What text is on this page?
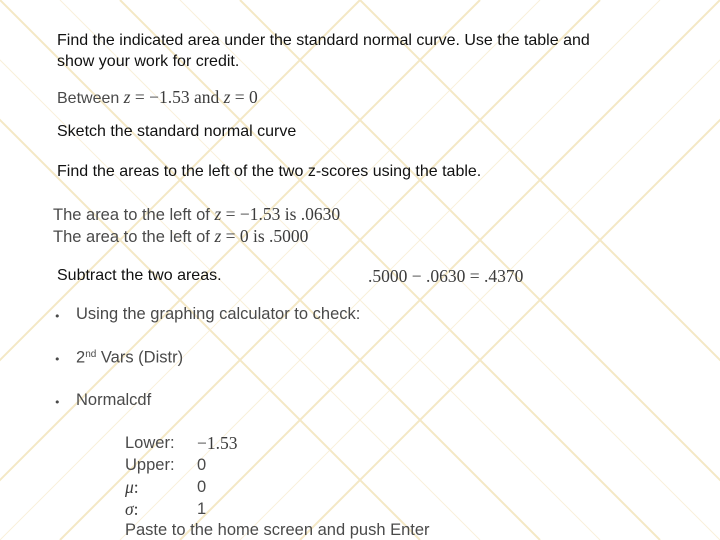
Find the indicated area under the standard normal curve. Use the table and
show your work for credit.
Between z = −1.53 and z = 0
Sketch the standard normal curve
Find the areas to the left of the two z-scores using the table.
The area to the left of z = −1.53 is .0630
The area to the left of z = 0 is .5000
Subtract the two areas.	.5000 − .0630 = .4370
• Using the graphing calculator to check:
• 2nd Vars (Distr)
• Normalcdf
Lower: −1.53
Upper: 0
μ:	0
σ:	1
Paste to the home screen and push Enter
